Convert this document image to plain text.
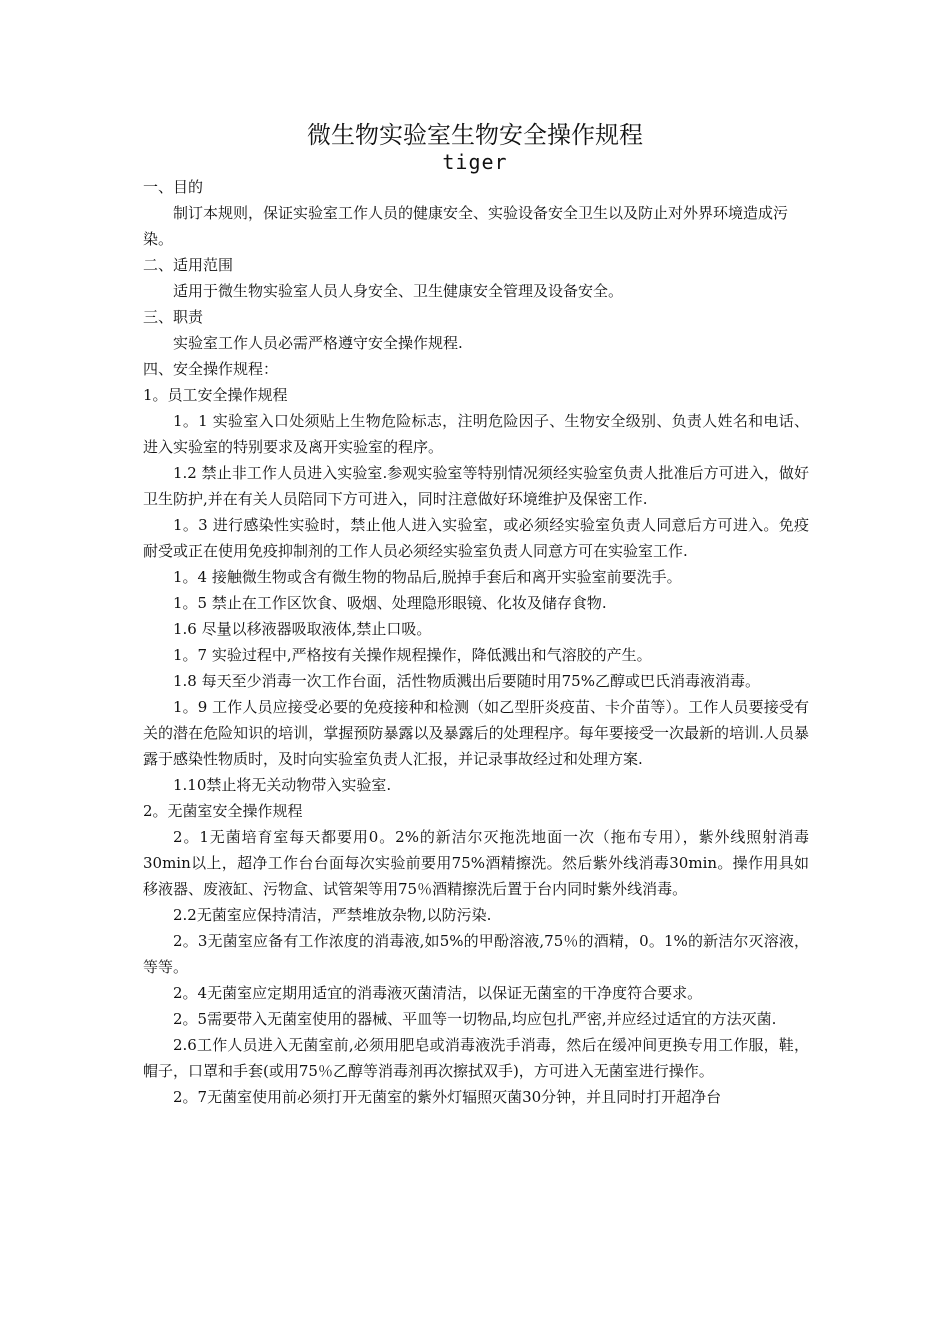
微生物实验室生物安全操作规程
tiger

一、目的

制订本规则，保证实验室工作人员的健康安全、实验设备安全卫生以及防止对外界环境造成污染。

二、适用范围

适用于微生物实验室人员人身安全、卫生健康安全管理及设备安全。

三、职责

实验室工作人员必需严格遵守安全操作规程.

四、安全操作规程：

1。员工安全操作规程

1。1 实验室入口处须贴上生物危险标志，注明危险因子、生物安全级别、负责人姓名和电话、进入实验室的特别要求及离开实验室的程序。

1.2 禁止非工作人员进入实验室.参观实验室等特别情况须经实验室负责人批准后方可进入，做好卫生防护,并在有关人员陪同下方可进入，同时注意做好环境维护及保密工作.

1。3 进行感染性实验时，禁止他人进入实验室，或必须经实验室负责人同意后方可进入。免疫耐受或正在使用免疫抑制剂的工作人员必须经实验室负责人同意方可在实验室工作.

1。4 接触微生物或含有微生物的物品后,脱掉手套后和离开实验室前要洗手。

1。5 禁止在工作区饮食、吸烟、处理隐形眼镜、化妆及储存食物.

1.6 尽量以移液器吸取液体,禁止口吸。

1。7 实验过程中,严格按有关操作规程操作，降低溅出和气溶胶的产生。

1.8 每天至少消毒一次工作台面，活性物质溅出后要随时用75%乙醇或巴氏消毒液消毒。

1。9 工作人员应接受必要的免疫接种和检测（如乙型肝炎疫苗、卡介苗等）。工作人员要接受有关的潜在危险知识的培训，掌握预防暴露以及暴露后的处理程序。每年要接受一次最新的培训.人员暴露于感染性物质时，及时向实验室负责人汇报，并记录事故经过和处理方案.

1.10禁止将无关动物带入实验室.

2。无菌室安全操作规程

2。1无菌培育室每天都要用0。2%的新洁尔灭拖洗地面一次（拖布专用），紫外线照射消毒30min以上，超净工作台台面每次实验前要用75%酒精擦洗。然后紫外线消毒30min。操作用具如移液器、废液缸、污物盒、试管架等用75％酒精擦洗后置于台内同时紫外线消毒。

2.2无菌室应保持清洁，严禁堆放杂物,以防污染.

2。3无菌室应备有工作浓度的消毒液,如5%的甲酚溶液,75％的酒精，0。1%的新洁尔灭溶液，等等。

2。4无菌室应定期用适宜的消毒液灭菌清洁，以保证无菌室的干净度符合要求。

2。5需要带入无菌室使用的器械、平皿等一切物品,均应包扎严密,并应经过适宜的方法灭菌.

2.6工作人员进入无菌室前,必须用肥皂或消毒液洗手消毒，然后在缓冲间更换专用工作服，鞋，帽子，口罩和手套(或用75％乙醇等消毒剂再次擦拭双手)，方可进入无菌室进行操作。

2。7无菌室使用前必须打开无菌室的紫外灯辐照灭菌30分钟，并且同时打开超净台
